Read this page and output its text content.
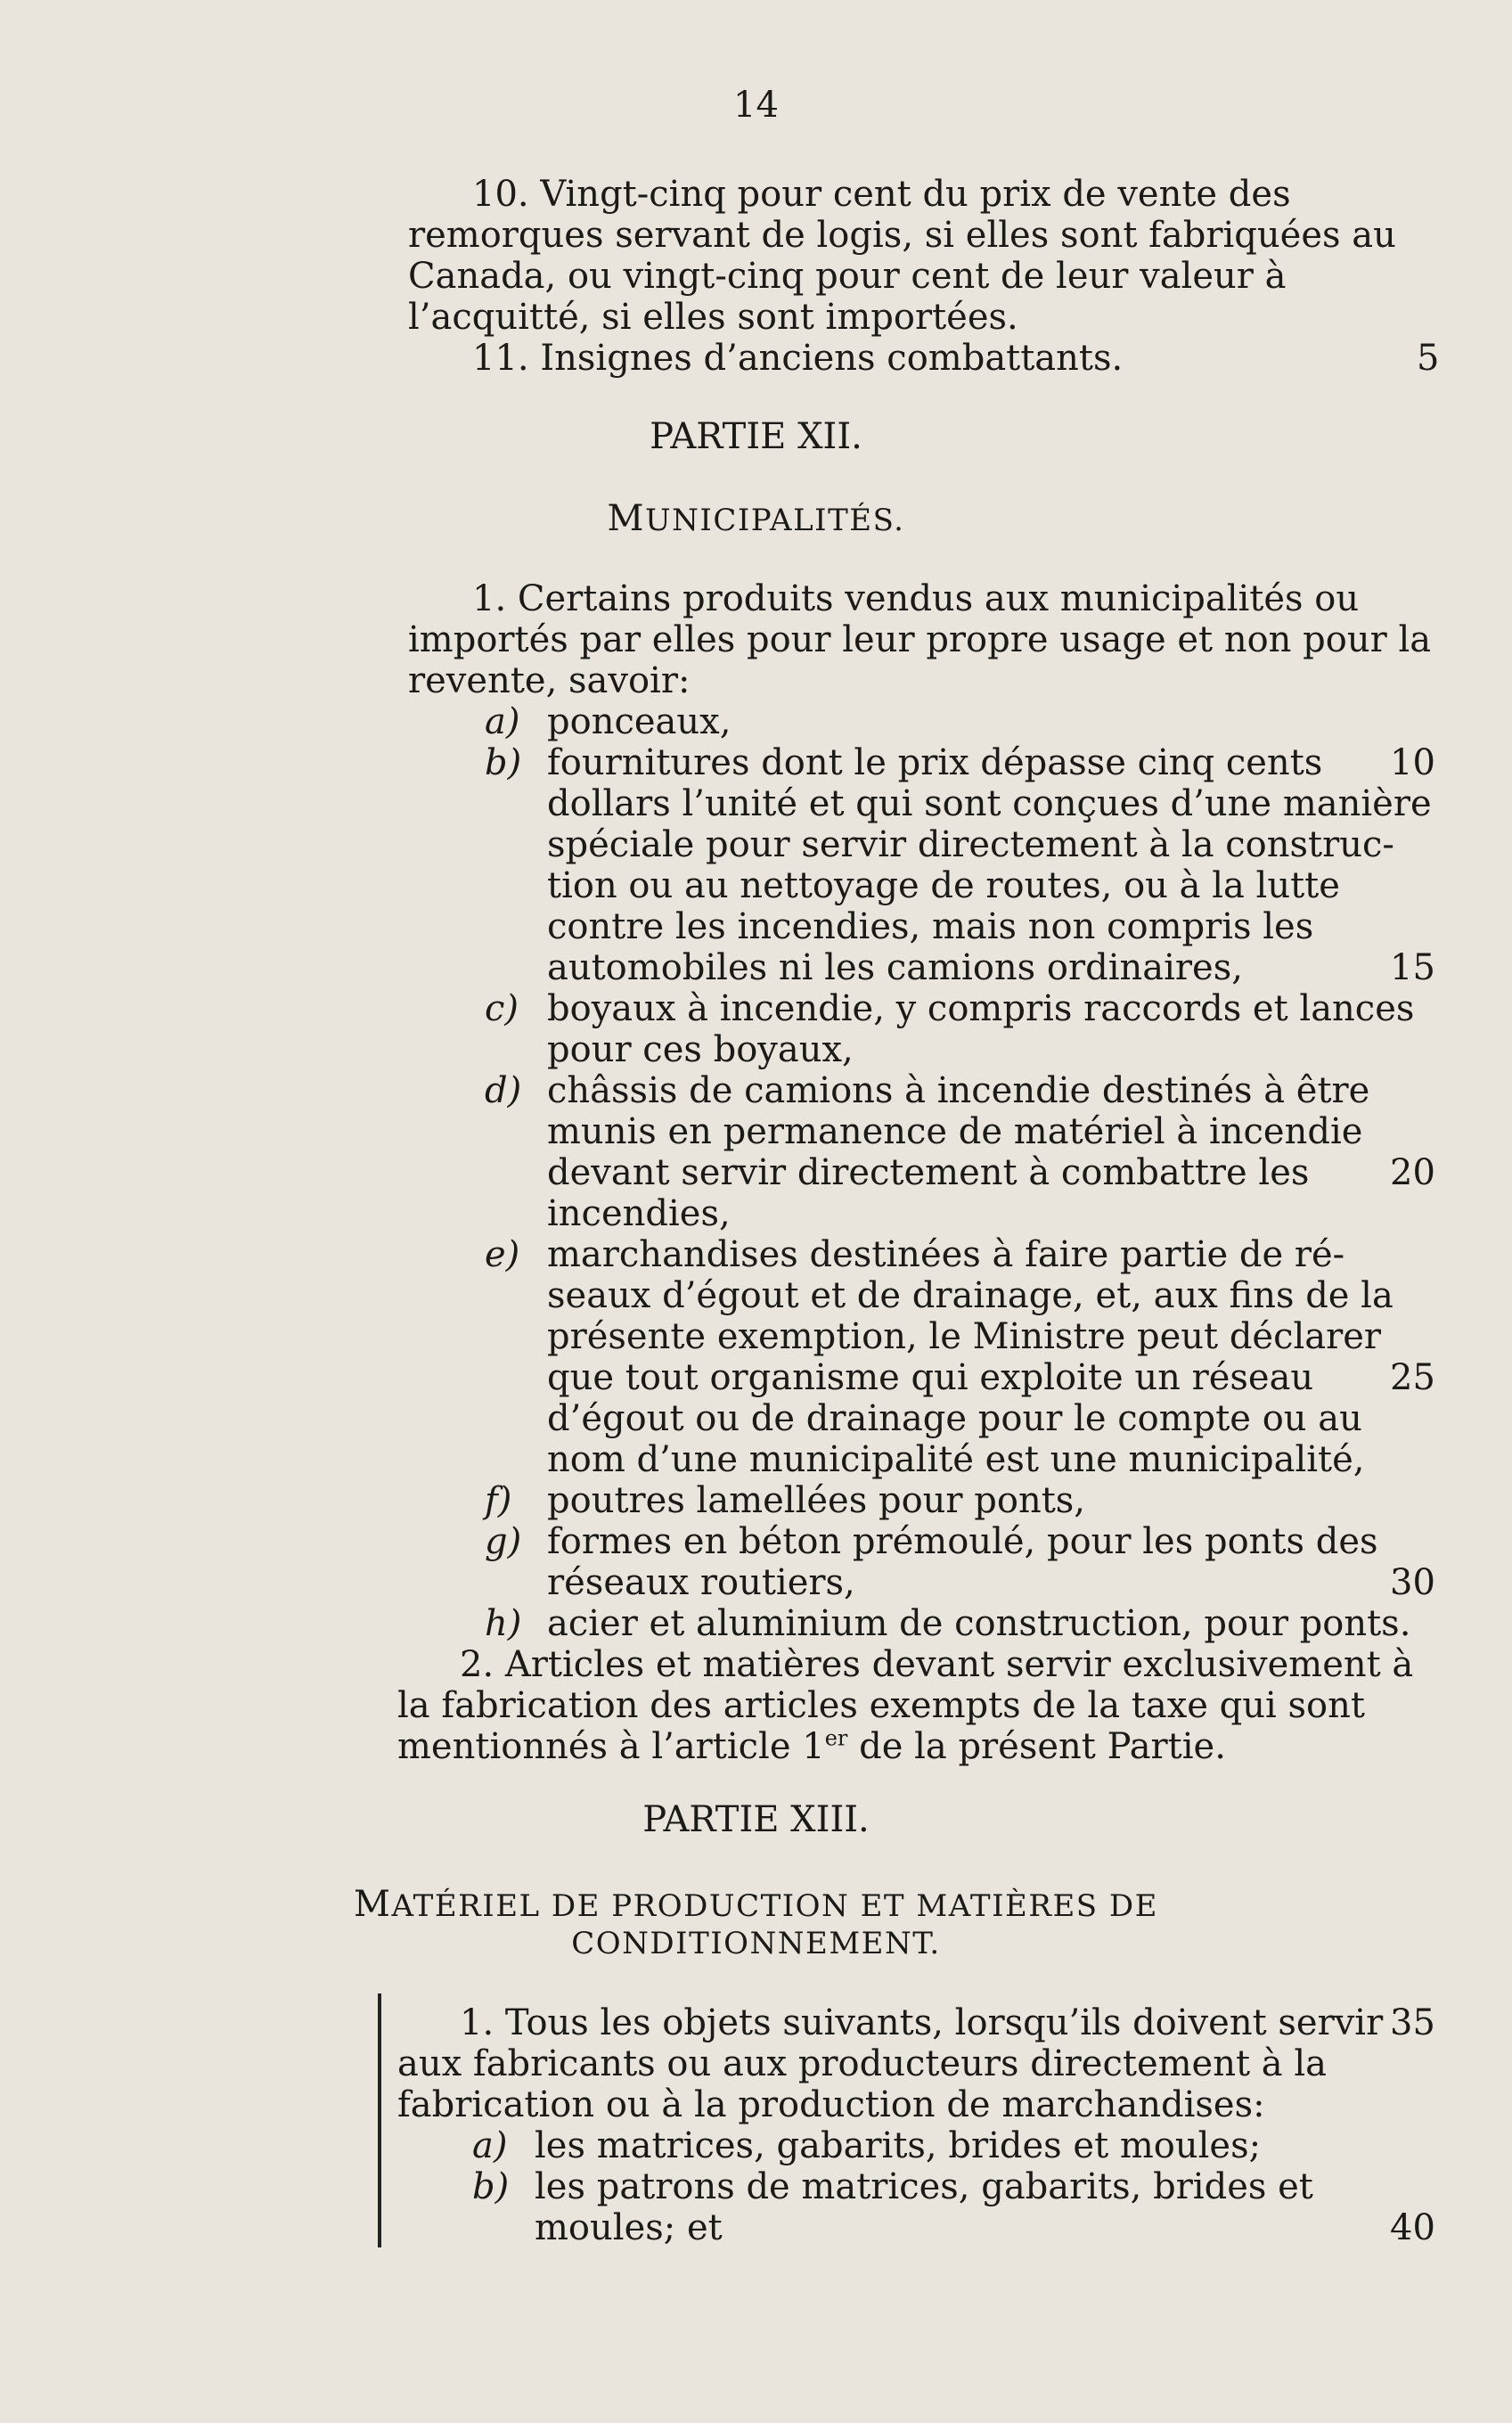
14
10. Vingt-cinq pour cent du prix de vente des
remorques servant de logis, si elles sont fabriquées au
Canada, ou vingt-cinq pour cent de leur valeur à
l’acquitté, si elles sont importées.
11. Insignes d’anciens combattants.	5
PARTIE XII.
MUNICIPALITÉS.
1. Certains produits vendus aux municipalités ou
importés par elles pour leur propre usage et non pour la
revente, savoir:
a) ponceaux,
b) fournitures dont le prix dépasse cinq cents 10
dollars l’unité et qui sont conçues d’une manière
spéciale pour servir directement à la construc-
tion ou au nettoyage de routes, ou à la lutte
contre les incendies, mais non compris les
automobiles ni les camions ordinaires,	15
c) boyaux à incendie, y compris raccords et lances
pour ces boyaux,
d) châssis de camions à incendie destinés à être
munis en permanence de matériel à incendie
devant servir directement à combattre les 20
incendies,
e) marchandises destinées à faire partie de ré-
seaux d’égout et de drainage, et, aux fins de la
présente exemption, le Ministre peut déclarer
que tout organisme qui exploite un réseau 25
d’égout ou de drainage pour le compte ou au
nom d’une municipalité est une municipalité,
f) poutres lamellées pour ponts,
g) formes en béton prémoulé, pour les ponts des
réseaux routiers,	30
h) acier et aluminium de construction, pour ponts.
2. Articles et matières devant servir exclusivement à
la fabrication des articles exempts de la taxe qui sont
mentionnés à l’article 1er de la présent Partie.
PARTIE XIII.
MATÉRIEL DE PRODUCTION ET MATIÈRES DE
CONDITIONNEMENT.
1. Tous les objets suivants, lorsqu’ils doivent servir 35
aux fabricants ou aux producteurs directement à la
fabrication ou à la production de marchandises:
a) les matrices, gabarits, brides et moules;
b) les patrons de matrices, gabarits, brides et
moules; et	40
